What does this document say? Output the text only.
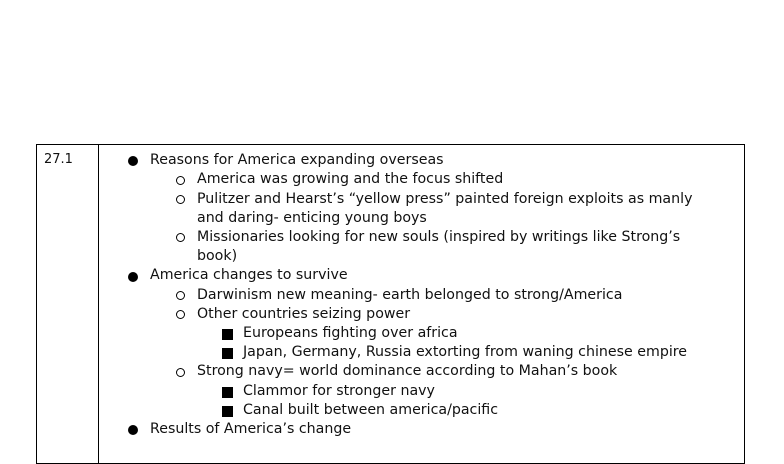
27.1	Reasons for America expanding overseas
America was growing and the focus shifted
Pulitzer and Hearst’s “yellow press” painted foreign exploits as manly
and daring- enticing young boys
Missionaries looking for new souls (inspired by writings like Strong’s
book)
America changes to survive
Darwinism new meaning- earth belonged to strong/America
Other countries seizing power
Europeans fighting over africa
Japan, Germany, Russia extorting from waning chinese empire
Strong navy= world dominance according to Mahan’s book
Clammor for stronger navy
Canal built between america/pacific
Results of America’s change
